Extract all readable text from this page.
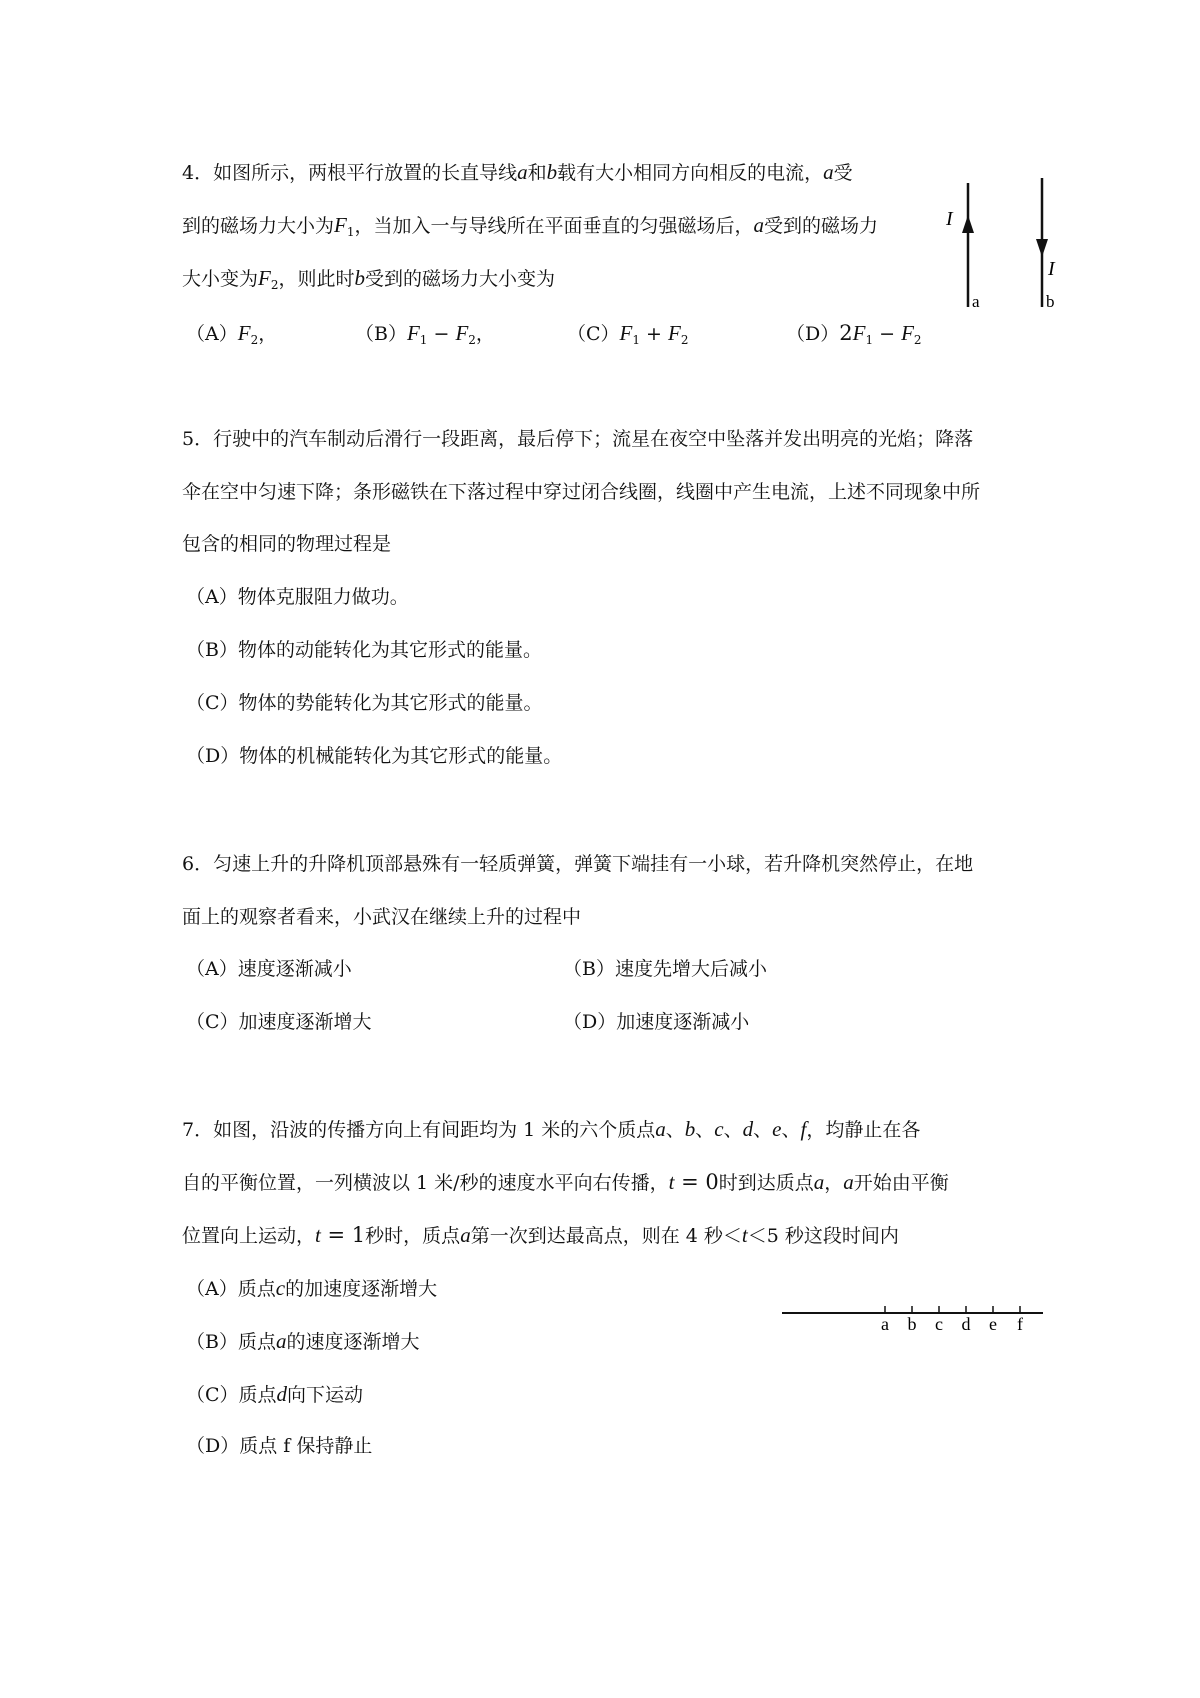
4．如图所示，两根平行放置的长直导线a和b载有大小相同方向相反的电流，a受
到的磁场力大小为$F_1$，当加入一与导线所在平面垂直的匀强磁场后，a受到的磁场力
大小变为$F_2$，则此时b受到的磁场力大小变为
$(A)F_2$，	$(B)F_1 - F_2$，	$(C)F_1 + F_2$	$(D)2F_1 - F_2$
I
I
a	b
5．行驶中的汽车制动后滑行一段距离，最后停下；流星在夜空中坠落并发出明亮的光焰；降落
伞在空中匀速下降；条形磁铁在下落过程中穿过闭合线圈，线圈中产生电流，上述不同现象中所
包含的相同的物理过程是
（A）物体克服阻力做功。
（B）物体的动能转化为其它形式的能量。
（C）物体的势能转化为其它形式的能量。
（D）物体的机械能转化为其它形式的能量。
6．匀速上升的升降机顶部悬殊有一轻质弹簧，弹簧下端挂有一小球，若升降机突然停止，在地
面上的观察者看来，小武汉在继续上升的过程中
（A）速度逐渐减小	（B）速度先增大后减小
（C）加速度逐渐增大	（D）加速度逐渐减小
7．如图，沿波的传播方向上有间距均为 1 米的六个质点a、b、c、d、e、f，均静止在各
自的平衡位置，一列横波以 1 米/秒的速度水平向右传播，t = 0时到达质点a，a开始由平衡
位置向上运动，t = 1秒时，质点a第一次到达最高点，则在 4 秒＜t＜5 秒这段时间内
（A）质点c的加速度逐渐增大
（B）质点a的速度逐渐增大
（C）质点d向下运动
（D）质点 f 保持静止
a b c d e f
